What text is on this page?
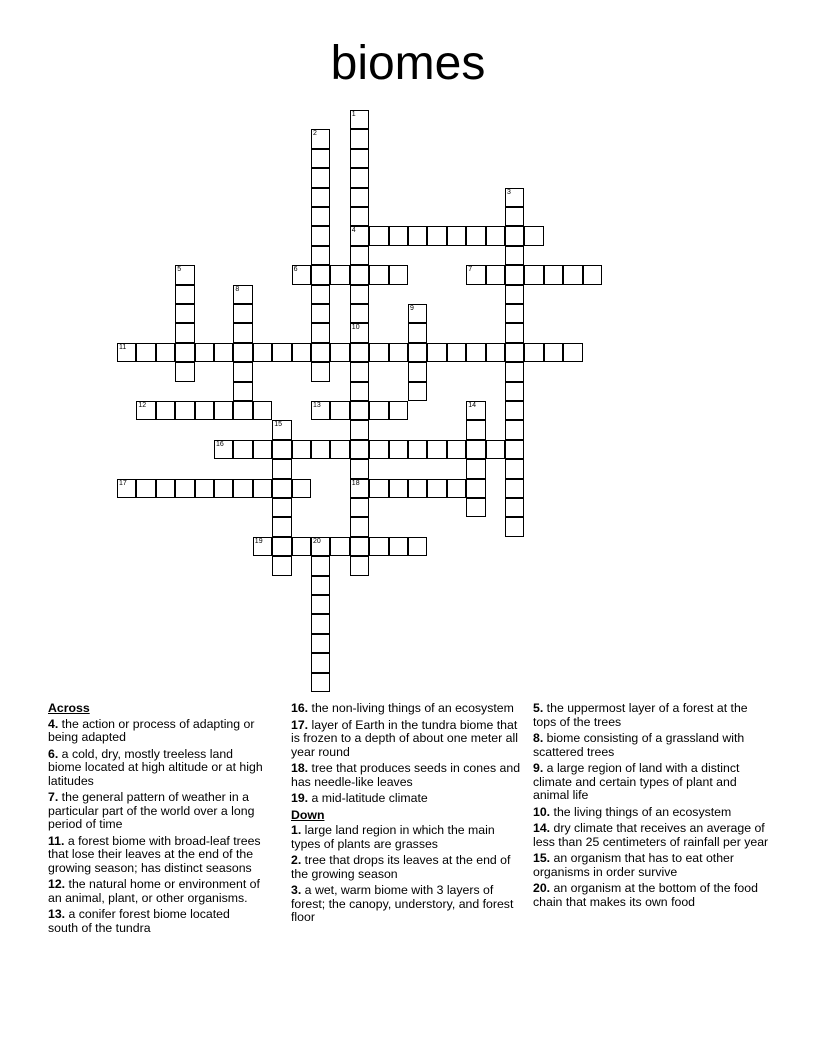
biomes
1
4
10
2
3
5	6	7
8
9
18
11
12	13	14
15
16
17
19	20
Across
4. the action or process of adapting or being adapted
6. a cold, dry, mostly treeless land biome located at high altitude or at high latitudes
7. the general pattern of weather in a particular part of the world over a long period of time
11. a forest biome with broad-leaf trees that lose their leaves at the end of the growing season; has distinct seasons
12. the natural home or environment of an animal, plant, or other organisms.
13. a conifer forest biome located south of the tundra
16. the non-living things of an ecosystem
17. layer of Earth in the tundra biome that is frozen to a depth of about one meter all year round
18. tree that produces seeds in cones and has needle-like leaves
19. a mid-latitude climate
Down
1. large land region in which the main types of plants are grasses
2. tree that drops its leaves at the end of the growing season
3. a wet, warm biome with 3 layers of forest; the canopy, understory, and forest floor
5. the uppermost layer of a forest at the tops of the trees
8. biome consisting of a grassland with scattered trees
9. a large region of land with a distinct climate and certain types of plant and animal life
10. the living things of an ecosystem
14. dry climate that receives an average of less than 25 centimeters of rainfall per year
15. an organism that has to eat other organisms in order survive
20. an organism at the bottom of the food chain that makes its own food
